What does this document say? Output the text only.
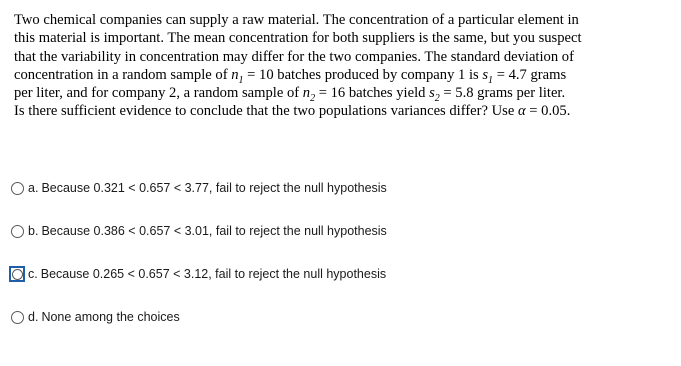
Two chemical companies can supply a raw material. The concentration of a particular element in
this material is important. The mean concentration for both suppliers is the same, but you suspect
that the variability in concentration may differ for the two companies. The standard deviation of
concentration in a random sample of $n_1 = 10$ batches produced by company 1 is $s_1 = 4.7$ grams
per liter, and for company 2, a random sample of $n_2 = 16$ batches yield $s_2 = 5.8$ grams per liter.
Is there sufficient evidence to conclude that the two populations variances differ? Use α = 0.05.
a. Because 0.321 < 0.657 < 3.77, fail to reject the null hypothesis
b. Because 0.386 < 0.657 < 3.01, fail to reject the null hypothesis
c. Because 0.265 < 0.657 < 3.12, fail to reject the null hypothesis
d. None among the choices
